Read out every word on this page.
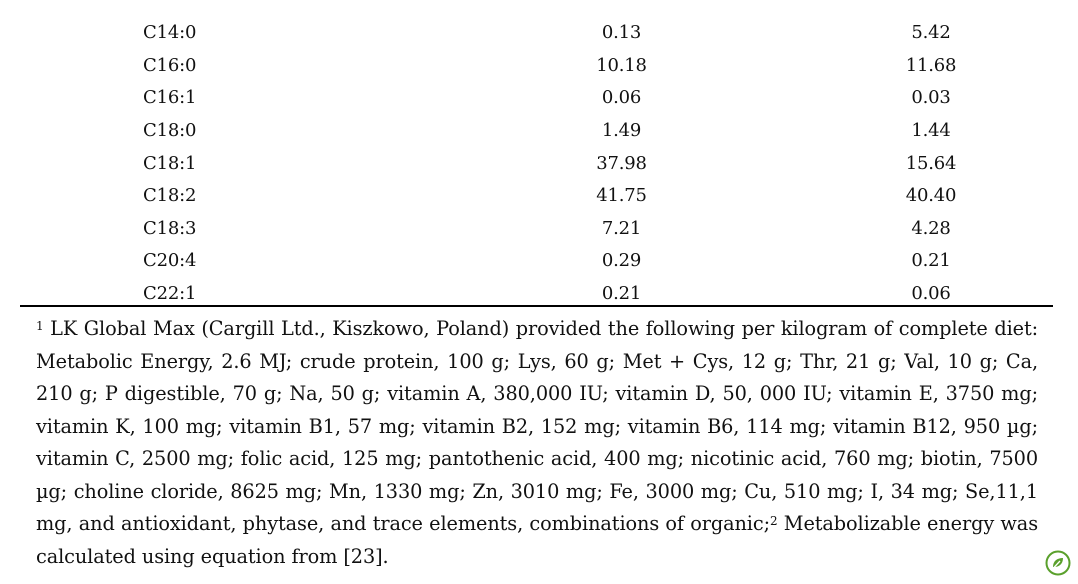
C14:0	0.13	5.42
C16:0	10.18	11.68
C16:1	0.06	0.03
C18:0	1.49	1.44
C18:1	37.98	15.64
C18:2	41.75	40.40
C18:3	7.21	4.28
C20:4	0.29	0.21
C22:1	0.21	0.06

$^1$ LK Global Max (Cargill Ltd., Kiszkowo, Poland) provided the following per kilogram of complete diet: Metabolic Energy, 2.6 MJ; crude protein, 100 g; Lys, 60 g; Met + Cys, 12 g; Thr, 21 g; Val, 10 g; Ca, 210 g; P digestible, 70 g; Na, 50 g; vitamin A, 380,000 IU; vitamin D, 50, 000 IU; vitamin E, 3750 mg; vitamin K, 100 mg; vitamin B1, 57 mg; vitamin B2, 152 mg; vitamin B6, 114 mg; vitamin B12, 950 µg; vitamin C, 2500 mg; folic acid, 125 mg; pantothenic acid, 400 mg; nicotinic acid, 760 mg; biotin, 7500 µg; choline cloride, 8625 mg; Mn, 1330 mg; Zn, 3010 mg; Fe, 3000 mg; Cu, 510 mg; I, 34 mg; Se,11,1 mg, and antioxidant, phytase, and trace elements, combinations of organic;$^2$ Metabolizable energy was calculated using equation from [23].
